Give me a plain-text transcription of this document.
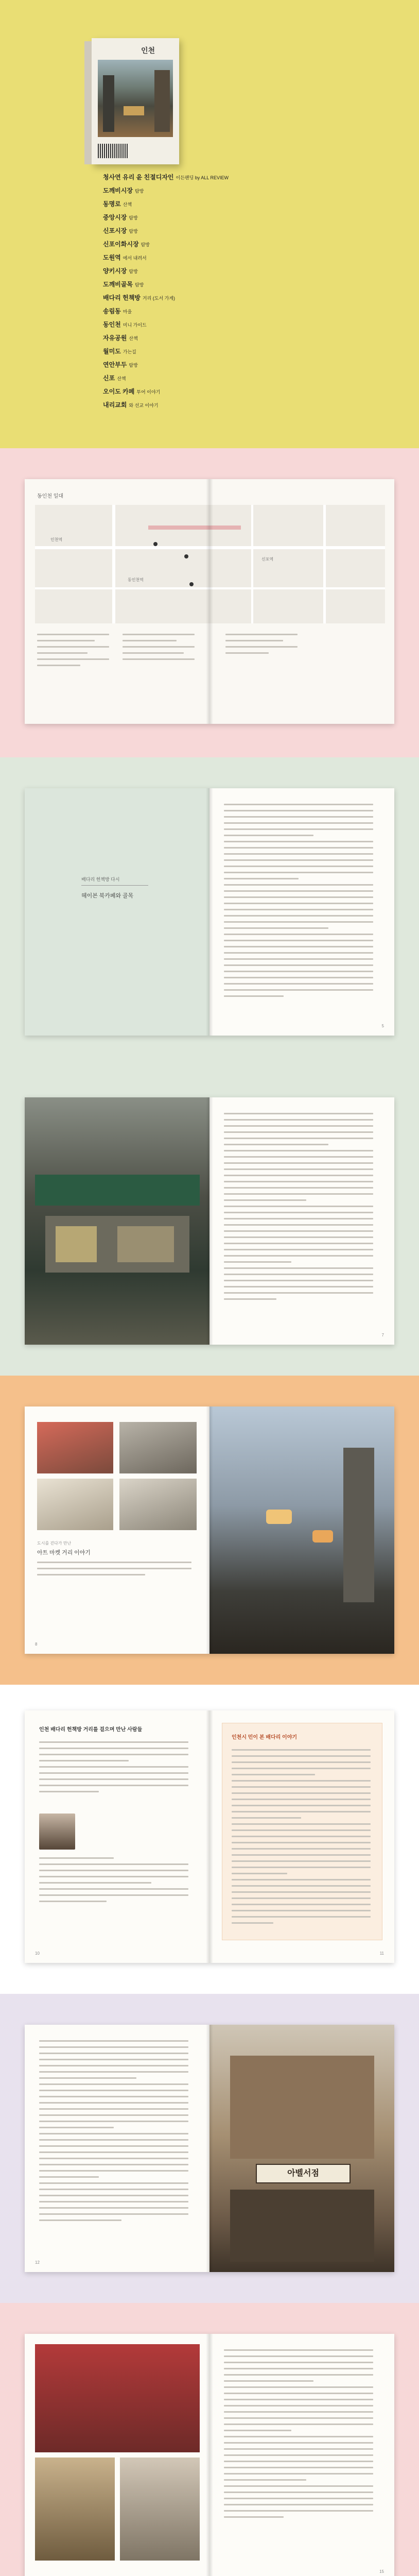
인천
청사연 유리 윤 친절디자인 이든팬딩 by ALL REVIEW
도깨비시장 탐방
동명로 산책
중앙시장 탐방
신포시장 탐방
신포이화시장 탐방
도원역 에서 내려서
양키시장 탐방
도깨비골목 탐방
배다리 헌책방 거리 (도서 가게)
송림동 마을
동인천 미니 가이드
자유공원 산책
월미도 가는길
연안부두 탐방
신포 산책
오이도 카페 투어 이야기
내리교회 와 선교 이야기
동인천 일대
인천역
동인천역
신포역
배다리 헌책방 다시
헤이븐 북카페와 골목
5
7
도시를 걷다가 만난
아트 마켓 거리 이야기
8
인천 배다리 헌책방 거리를 걸으며 만난 사람들
10
인천시 민이 본 배다리 이야기
11
12
아벨서점
15
